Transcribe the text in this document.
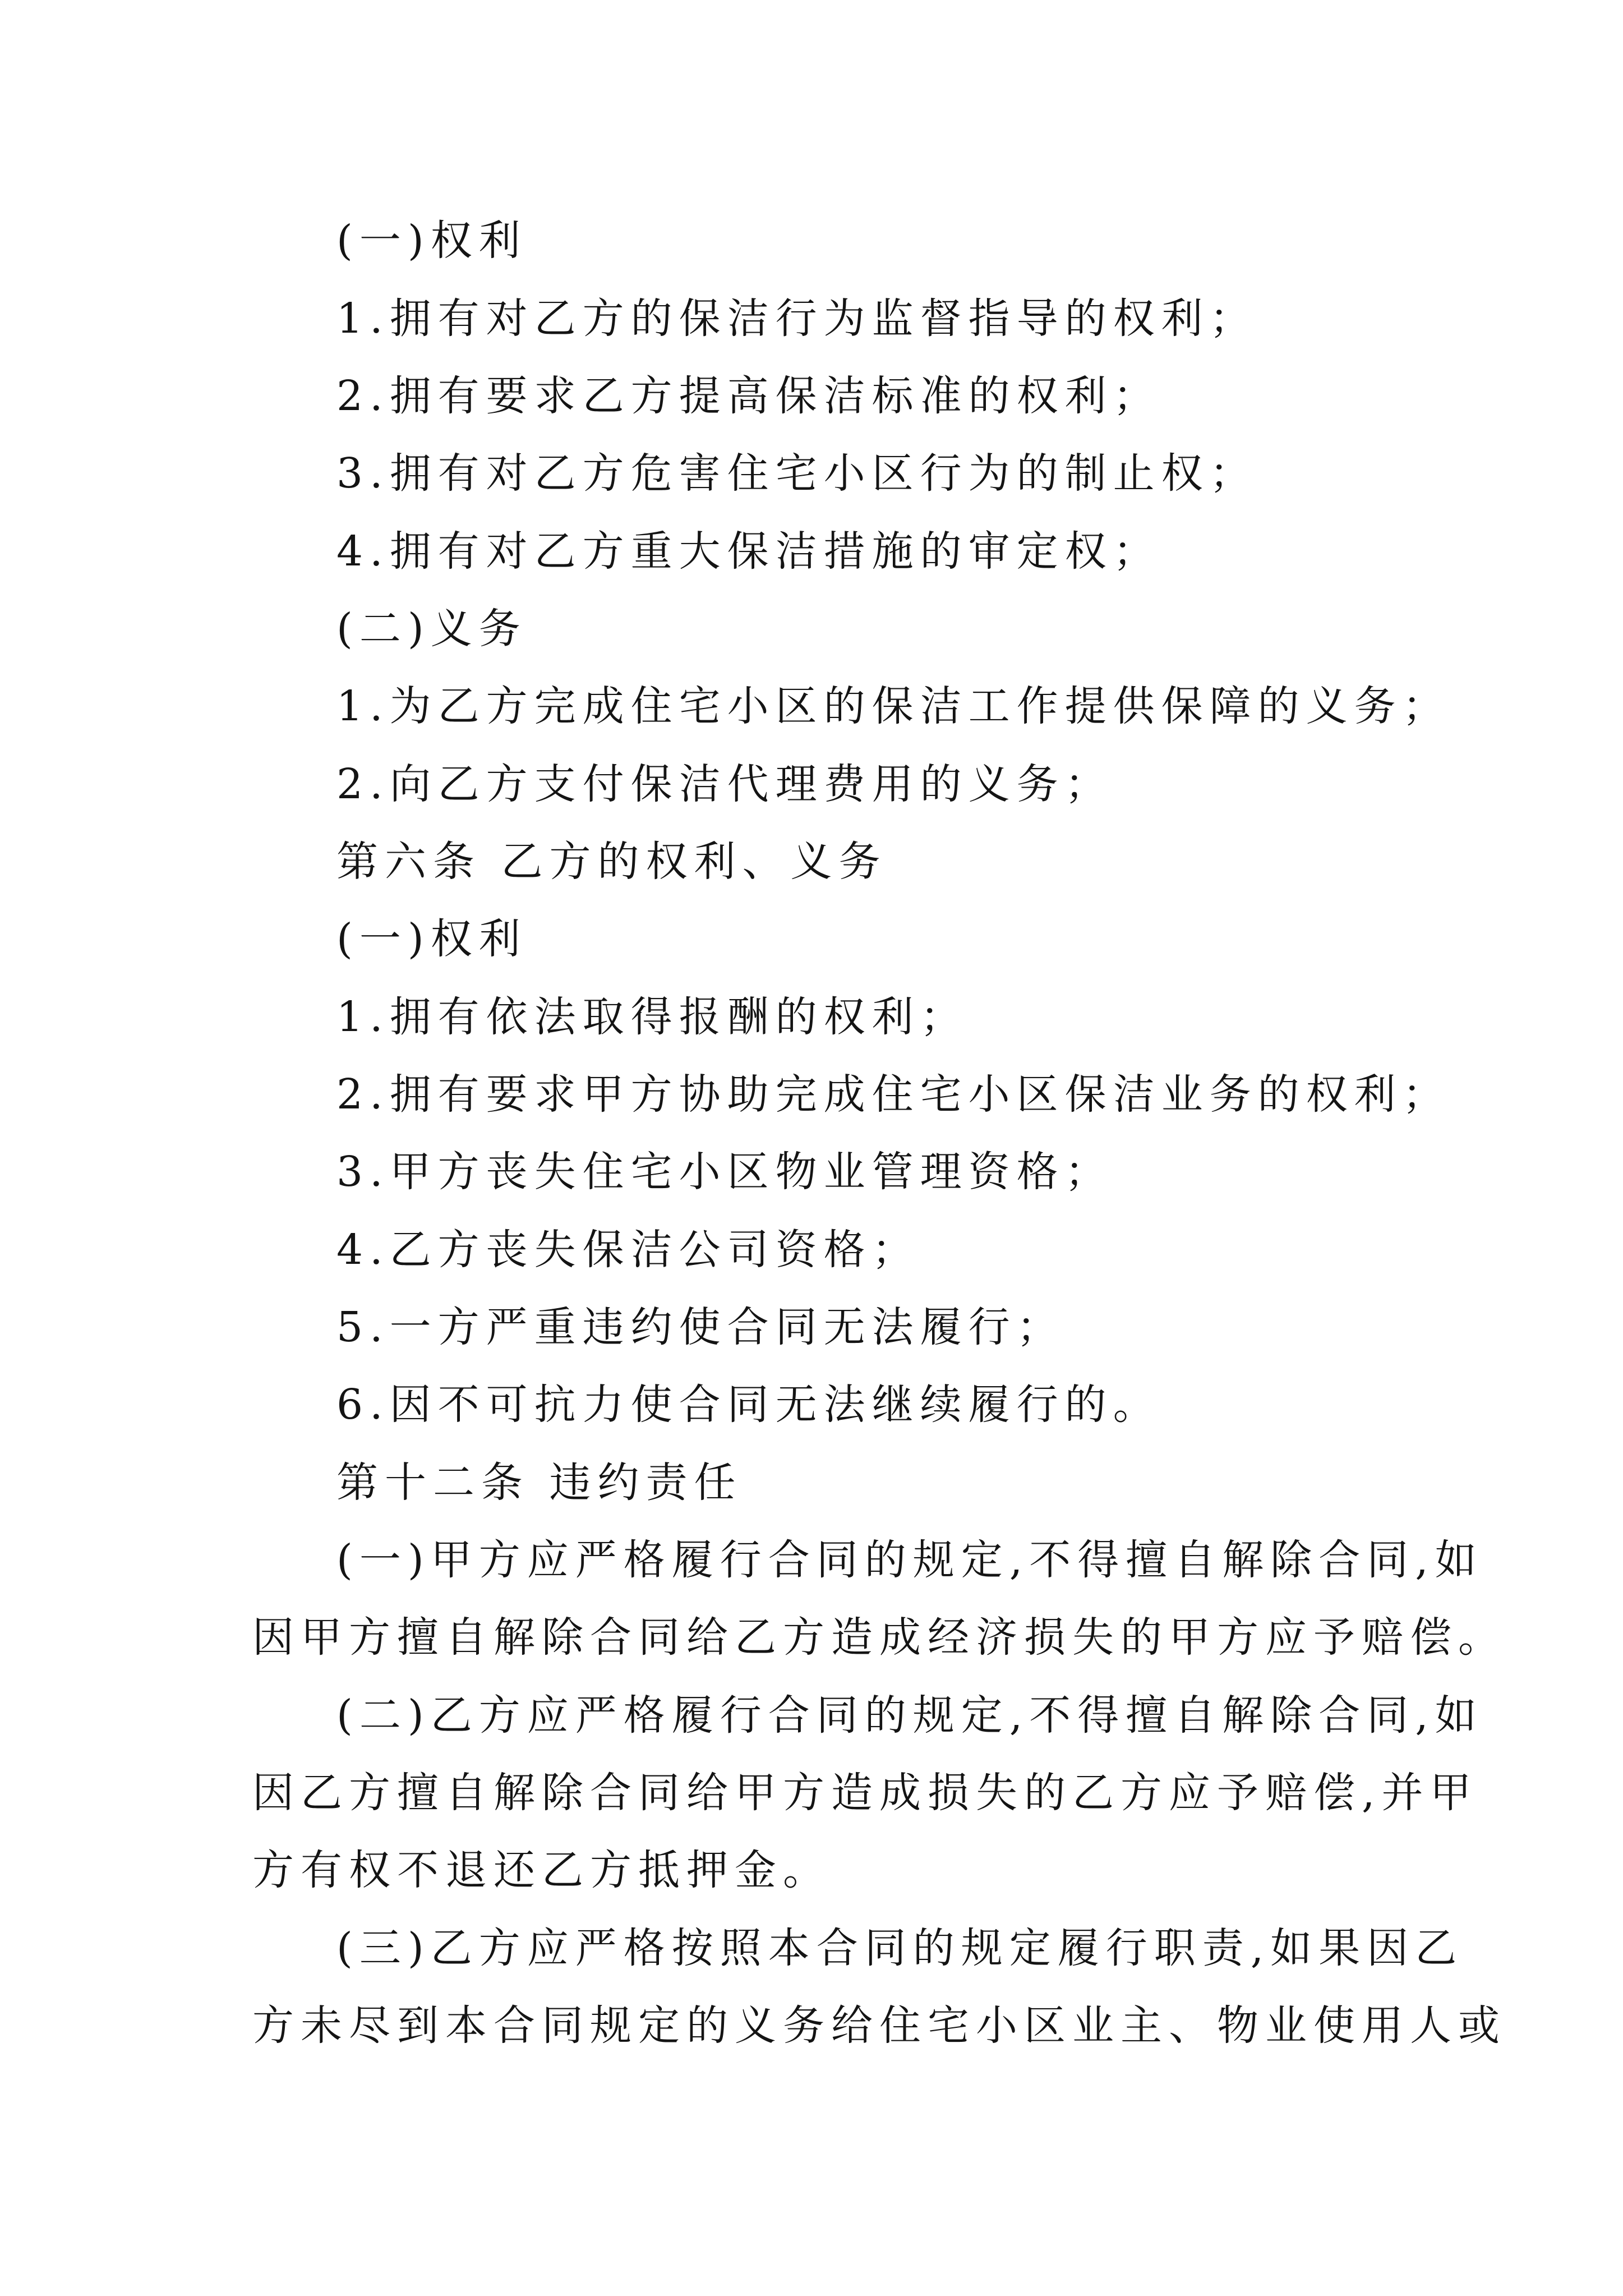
(一)权利
1.拥有对乙方的保洁行为监督指导的权利；
2.拥有要求乙方提高保洁标准的权利；
3.拥有对乙方危害住宅小区行为的制止权；
4.拥有对乙方重大保洁措施的审定权；
(二)义务
1.为乙方完成住宅小区的保洁工作提供保障的义务；
2.向乙方支付保洁代理费用的义务；
第六条 乙方的权利、义务
(一)权利
1.拥有依法取得报酬的权利；
2.拥有要求甲方协助完成住宅小区保洁业务的权利；
3.甲方丧失住宅小区物业管理资格；
4.乙方丧失保洁公司资格；
5.一方严重违约使合同无法履行；
6.因不可抗力使合同无法继续履行的。
第十二条 违约责任
(一)甲方应严格履行合同的规定,不得擅自解除合同,如
因甲方擅自解除合同给乙方造成经济损失的甲方应予赔偿。
(二)乙方应严格履行合同的规定,不得擅自解除合同,如
因乙方擅自解除合同给甲方造成损失的乙方应予赔偿,并甲
方有权不退还乙方抵押金。
(三)乙方应严格按照本合同的规定履行职责,如果因乙
方未尽到本合同规定的义务给住宅小区业主、物业使用人或
